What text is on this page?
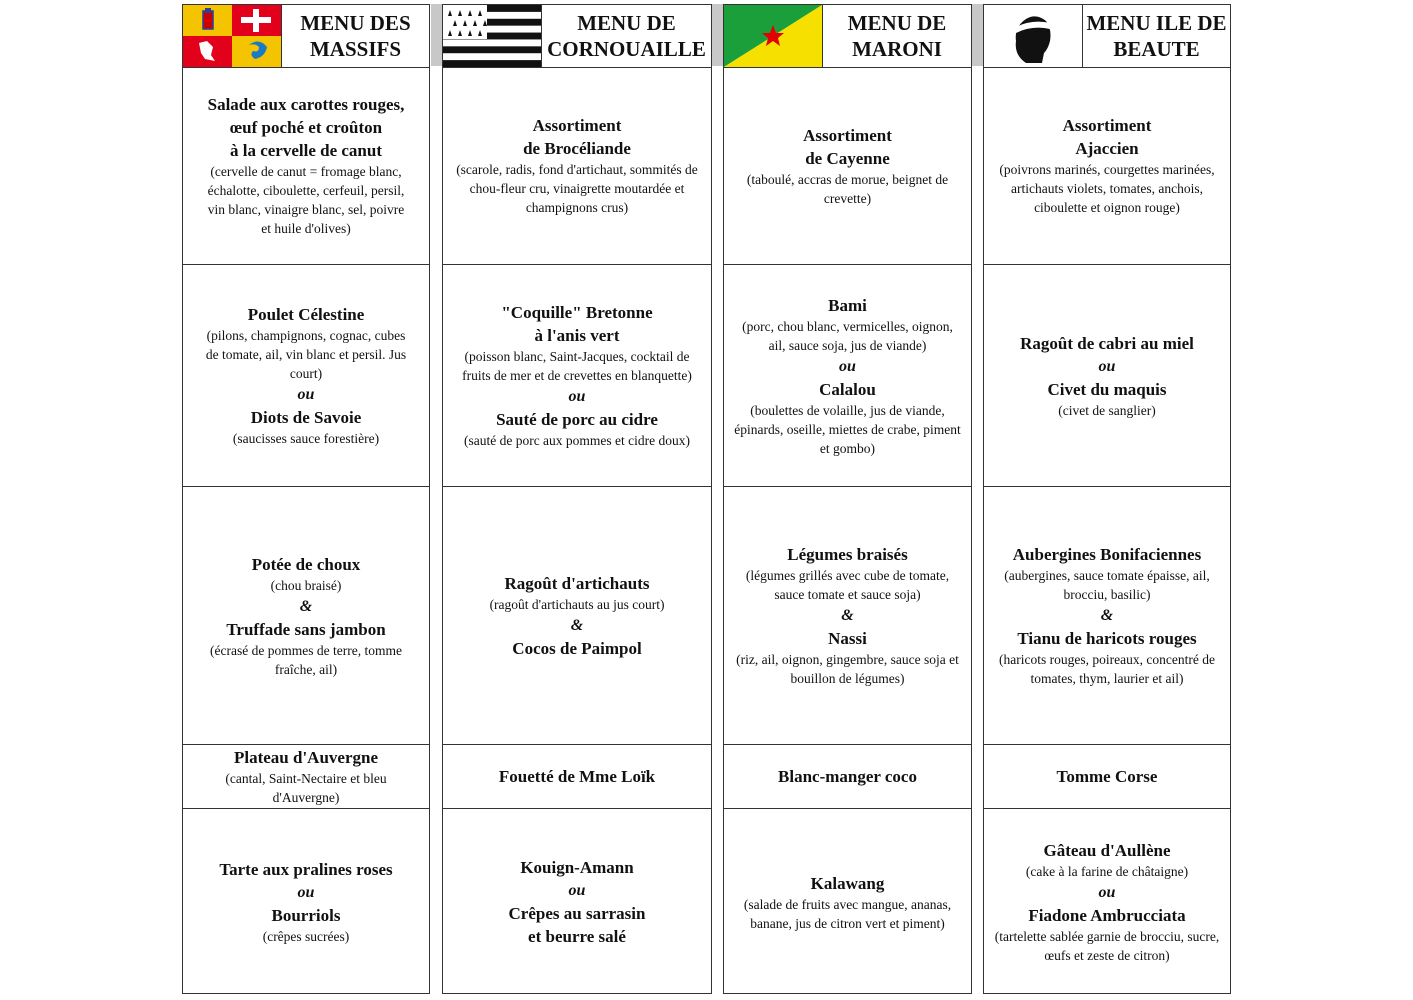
MENU DES
MASSIFS
Salade aux carottes rouges,
œuf poché et croûton
à la cervelle de canut
(cervelle de canut = fromage blanc,
échalotte, ciboulette, cerfeuil, persil,
vin blanc, vinaigre blanc, sel, poivre
et huile d'olives)
Poulet Célestine
(pilons, champignons, cognac, cubes
de tomate, ail, vin blanc et persil. Jus
court)
ou
Diots de Savoie
(saucisses sauce forestière)
Potée de choux
(chou braisé)
&
Truffade sans jambon
(écrasé de pommes de terre, tomme
fraîche, ail)
Plateau d'Auvergne
(cantal, Saint-Nectaire et bleu
d'Auvergne)
Tarte aux pralines roses
ou
Bourriols
(crêpes sucrées)
MENU DE
CORNOUAILLE
Assortiment
de Brocéliande
(scarole, radis, fond d'artichaut, sommités de
chou-fleur cru, vinaigrette moutardée et
champignons crus)
"Coquille" Bretonne
à l'anis vert
(poisson blanc, Saint-Jacques, cocktail de
fruits de mer et de crevettes en blanquette)
ou
Sauté de porc au cidre
(sauté de porc aux pommes et cidre doux)
Ragoût d'artichauts
(ragoût d'artichauts au jus court)
&
Cocos de Paimpol
Fouetté de Mme Loïk
Kouign-Amann
ou
Crêpes au sarrasin
et beurre salé
MENU DE
MARONI
Assortiment
de Cayenne
(taboulé, accras de morue, beignet de
crevette)
Bami
(porc, chou blanc, vermicelles, oignon,
ail, sauce soja, jus de viande)
ou
Calalou
(boulettes de volaille, jus de viande,
épinards, oseille, miettes de crabe, piment
et gombo)
Légumes braisés
(légumes grillés avec cube de tomate,
sauce tomate et sauce soja)
&
Nassi
(riz, ail, oignon, gingembre, sauce soja et
bouillon de légumes)
Blanc-manger coco
Kalawang
(salade de fruits avec mangue, ananas,
banane, jus de citron vert et piment)
MENU ILE DE
BEAUTE
Assortiment
Ajaccien
(poivrons marinés, courgettes marinées,
artichauts violets, tomates, anchois,
ciboulette et oignon rouge)
Ragoût de cabri au miel
ou
Civet du maquis
(civet de sanglier)
Aubergines Bonifaciennes
(aubergines, sauce tomate épaisse, ail,
brocciu, basilic)
&
Tianu de haricots rouges
(haricots rouges, poireaux, concentré de
tomates, thym, laurier et ail)
Tomme Corse
Gâteau d'Aullène
(cake à la farine de châtaigne)
ou
Fiadone Ambrucciata
(tartelette sablée garnie de brocciu, sucre,
œufs et zeste de citron)
